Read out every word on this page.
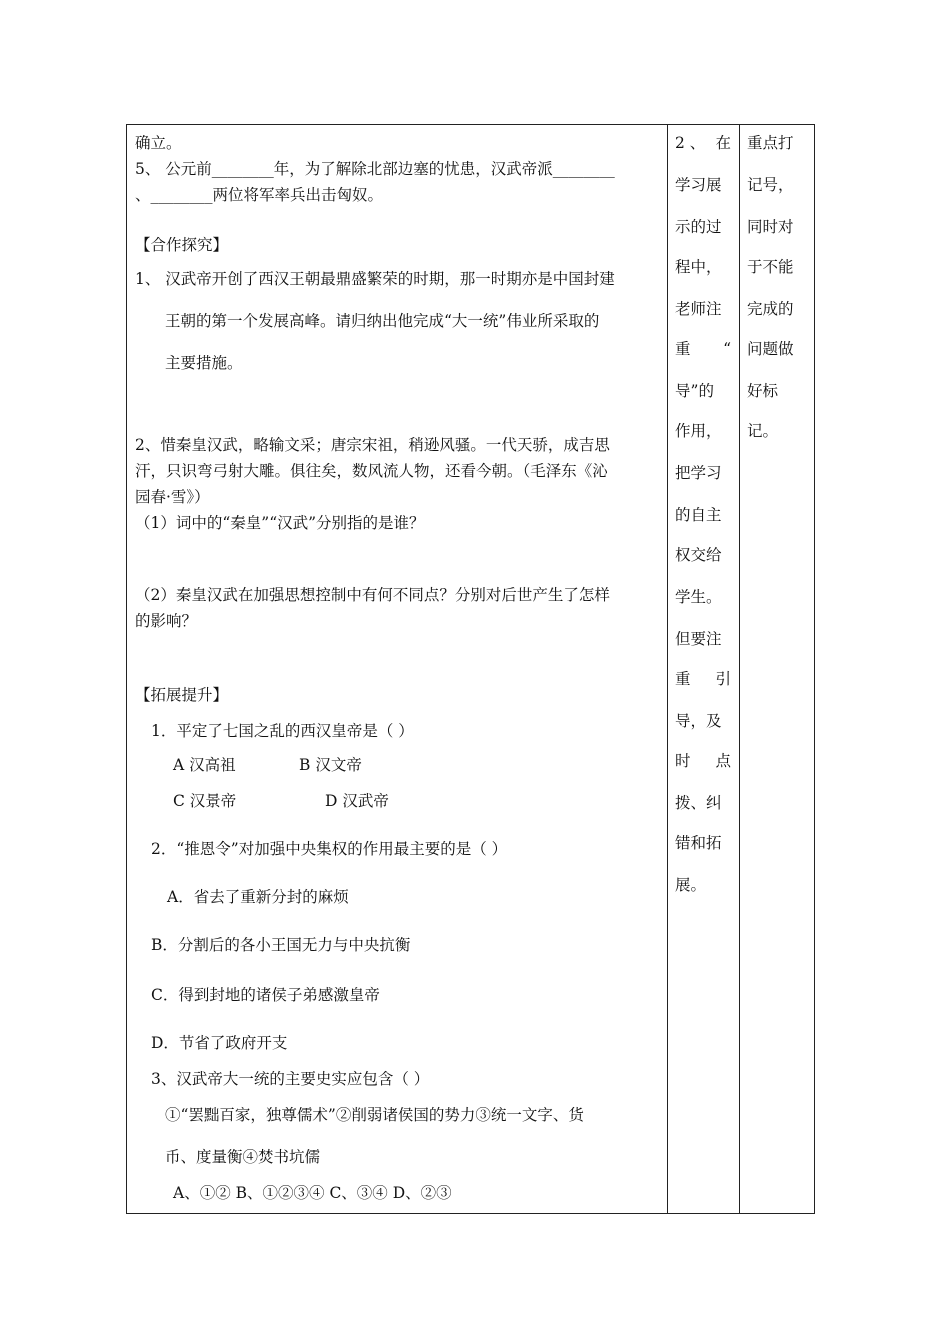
确立。
5、 公元前________年，为了解除北部边塞的忧患，汉武帝派________
、________两位将军率兵出击匈奴。
【合作探究】
1、 汉武帝开创了西汉王朝最鼎盛繁荣的时期，那一时期亦是中国封建
王朝的第一个发展高峰。请归纳出他完成“大一统”伟业所采取的
主要措施。
2、惜秦皇汉武，略输文采；唐宗宋祖，稍逊风骚。一代天骄，成吉思
汗，只识弯弓射大雕。俱往矣，数风流人物，还看今朝。（毛泽东《沁
园春·雪》）
（1）词中的“秦皇”“汉武”分别指的是谁？
（2）秦皇汉武在加强思想控制中有何不同点？分别对后世产生了怎样
的影响？
【拓展提升】
1．平定了七国之乱的西汉皇帝是（ ）
A 汉高祖	B 汉文帝
C 汉景帝	D 汉武帝
2．“推恩令”对加强中央集权的作用最主要的是（ ）
A．省去了重新分封的麻烦
B．分割后的各小王国无力与中央抗衡
C．得到封地的诸侯子弟感激皇帝
D．节省了政府开支
3、汉武帝大一统的主要史实应包含（ ）
①“罢黜百家，独尊儒术”②削弱诸侯国的势力③统一文字、货
币、度量衡④焚书坑儒
A、①② B、①②③④ C、③④ D、②③
2 、 在
学习展
示的过
程中，
老师注
重 “
导”的
作用，
把学习
的自主
权交给
学生。
但要注
重 引
导，及
时 点
拨、纠
错和拓
展。
重点打
记号，
同时对
于不能
完成的
问题做
好标
记。
